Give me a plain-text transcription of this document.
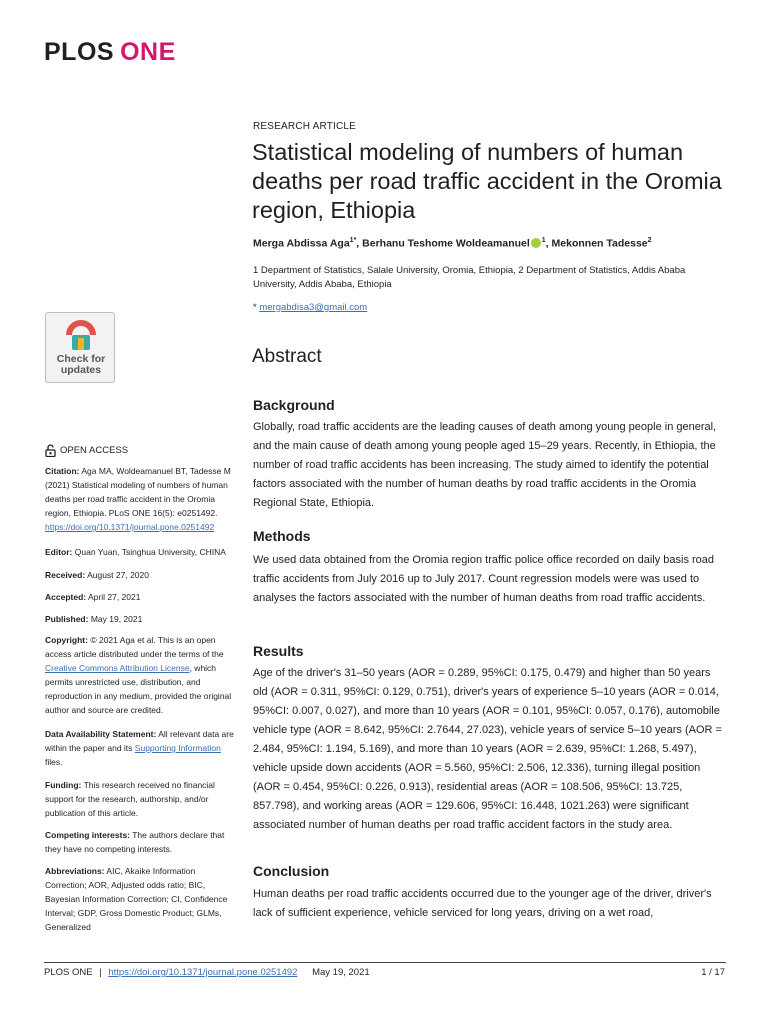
PLOS ONE
Check for
updates
RESEARCH ARTICLE
Statistical modeling of numbers of human deaths per road traffic accident in the Oromia region, Ethiopia
Merga Abdissa Aga$^{1*}$, Berhanu Teshome Woldeamanuel $^1$, Mekonnen Tadesse$^2$
1 Department of Statistics, Salale University, Oromia, Ethiopia, 2 Department of Statistics, Addis Ababa University, Addis Ababa, Ethiopia
* mergabdisa3@gmail.com
OPEN ACCESS
Citation: Aga MA, Woldeamanuel BT, Tadesse M (2021) Statistical modeling of numbers of human deaths per road traffic accident in the Oromia region, Ethiopia. PLoS ONE 16(5): e0251492. https://doi.org/10.1371/journal.pone.0251492
Editor: Quan Yuan, Tsinghua University, CHINA
Received: August 27, 2020
Accepted: April 27, 2021
Published: May 19, 2021
Copyright: © 2021 Aga et al. This is an open access article distributed under the terms of the Creative Commons Attribution License, which permits unrestricted use, distribution, and reproduction in any medium, provided the original author and source are credited.
Data Availability Statement: All relevant data are within the paper and its Supporting Information files.
Funding: This research received no financial support for the research, authorship, and/or publication of this article.
Competing interests: The authors declare that they have no competing interests.
Abbreviations: AIC, Akaike Information Correction; AOR, Adjusted odds ratio; BIC, Bayesian Information Correction; CI, Confidence Interval; GDP, Gross Domestic Product; GLMs, Generalized
Abstract
Background

Globally, road traffic accidents are the leading causes of death among young people in general, and the main cause of death among young people aged 15–29 years. Recently, in Ethiopia, the number of road traffic accidents has been increasing. The study aimed to identify the potential factors associated with the number of human deaths by road traffic accidents in the Oromia Regional State, Ethiopia.

Methods

We used data obtained from the Oromia region traffic police office recorded on daily basis road traffic accidents from July 2016 up to July 2017. Count regression models were was used to analyses the factors associated with the number of human deaths from road traffic accidents.

Results

Age of the driver's 31–50 years (AOR = 0.289, 95%CI: 0.175, 0.479) and higher than 50 years old (AOR = 0.311, 95%CI: 0.129, 0.751), driver's years of experience 5–10 years (AOR = 0.014, 95%CI: 0.007, 0.027), and more than 10 years (AOR = 0.101, 95%CI: 0.057, 0.176), automobile vehicle type (AOR = 8.642, 95%CI: 2.7644, 27.023), vehicle years of service 5–10 years (AOR = 2.484, 95%CI: 1.194, 5.169), and more than 10 years (AOR = 2.639, 95%CI: 1.268, 5.497), vehicle upside down accidents (AOR = 5.560, 95%CI: 2.506, 12.336), turning illegal position (AOR = 0.454, 95%CI: 0.226, 0.913), residential areas (AOR = 108.506, 95%CI: 13.725, 857.798), and working areas (AOR = 129.606, 95%CI: 16.448, 1021.263) were significant associated number of human deaths per road traffic accident factors in the study area.

Conclusion

Human deaths per road traffic accidents occurred due to the younger age of the driver, driver's lack of sufficient experience, vehicle serviced for long years, driving on a wet road,

PLOS ONE | https://doi.org/10.1371/journal.pone.0251492 May 19, 2021	1 / 17
